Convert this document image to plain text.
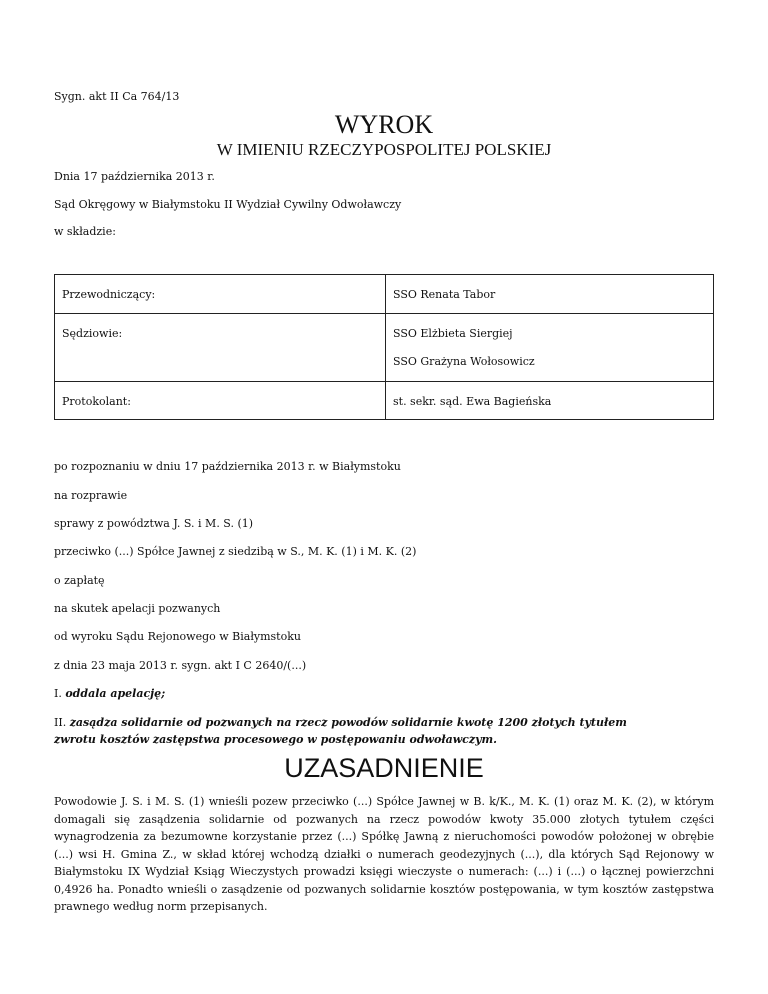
Sygn. akt II Ca 764/13
WYROK
W IMIENIU RZECZYPOSPOLITEJ POLSKIEJ
Dnia 17 października 2013 r.
Sąd Okręgowy w Białymstoku II Wydział Cywilny Odwoławczy
w składzie:
Przewodniczący:	SSO Renata Tabor

Sędziowie:	SSO Elżbieta Siergiej
SSO Grażyna Wołosowicz

Protokolant:	st. sekr. sąd. Ewa Bagieńska
po rozpoznaniu w dniu 17 października 2013 r. w Białymstoku
na rozprawie
sprawy z powództwa J. S. i M. S. (1)
przeciwko (...) Spółce Jawnej z siedzibą w S., M. K. (1) i M. K. (2)
o zapłatę
na skutek apelacji pozwanych
od wyroku Sądu Rejonowego w Białymstoku
z dnia 23 maja 2013 r. sygn. akt I C 2640/(...)
I. oddala apelację;
II. zasądza solidarnie od pozwanych na rzecz powodów solidarnie kwotę 1200 złotych tytułem
zwrotu kosztów zastępstwa procesowego w postępowaniu odwoławczym.
UZASADNIENIE
Powodowie J. S. i M. S. (1) wnieśli pozew przeciwko (...) Spółce Jawnej w B. k/K., M. K. (1) oraz M. K. (2), w którym domagali się zasądzenia solidarnie od pozwanych na rzecz powodów kwoty 35.000 złotych tytułem części wynagrodzenia za bezumowne korzystanie przez (...) Spółkę Jawną z nieruchomości powodów położonej w obrębie (...) wsi H. Gmina Z., w skład której wchodzą działki o numerach geodezyjnych (...), dla których Sąd Rejonowy w Białymstoku IX Wydział Ksiąg Wieczystych prowadzi księgi wieczyste o numerach: (...) i (...) o łącznej powierzchni 0,4926 ha. Ponadto wnieśli o zasądzenie od pozwanych solidarnie kosztów postępowania, w tym kosztów zastępstwa prawnego według norm przepisanych.
